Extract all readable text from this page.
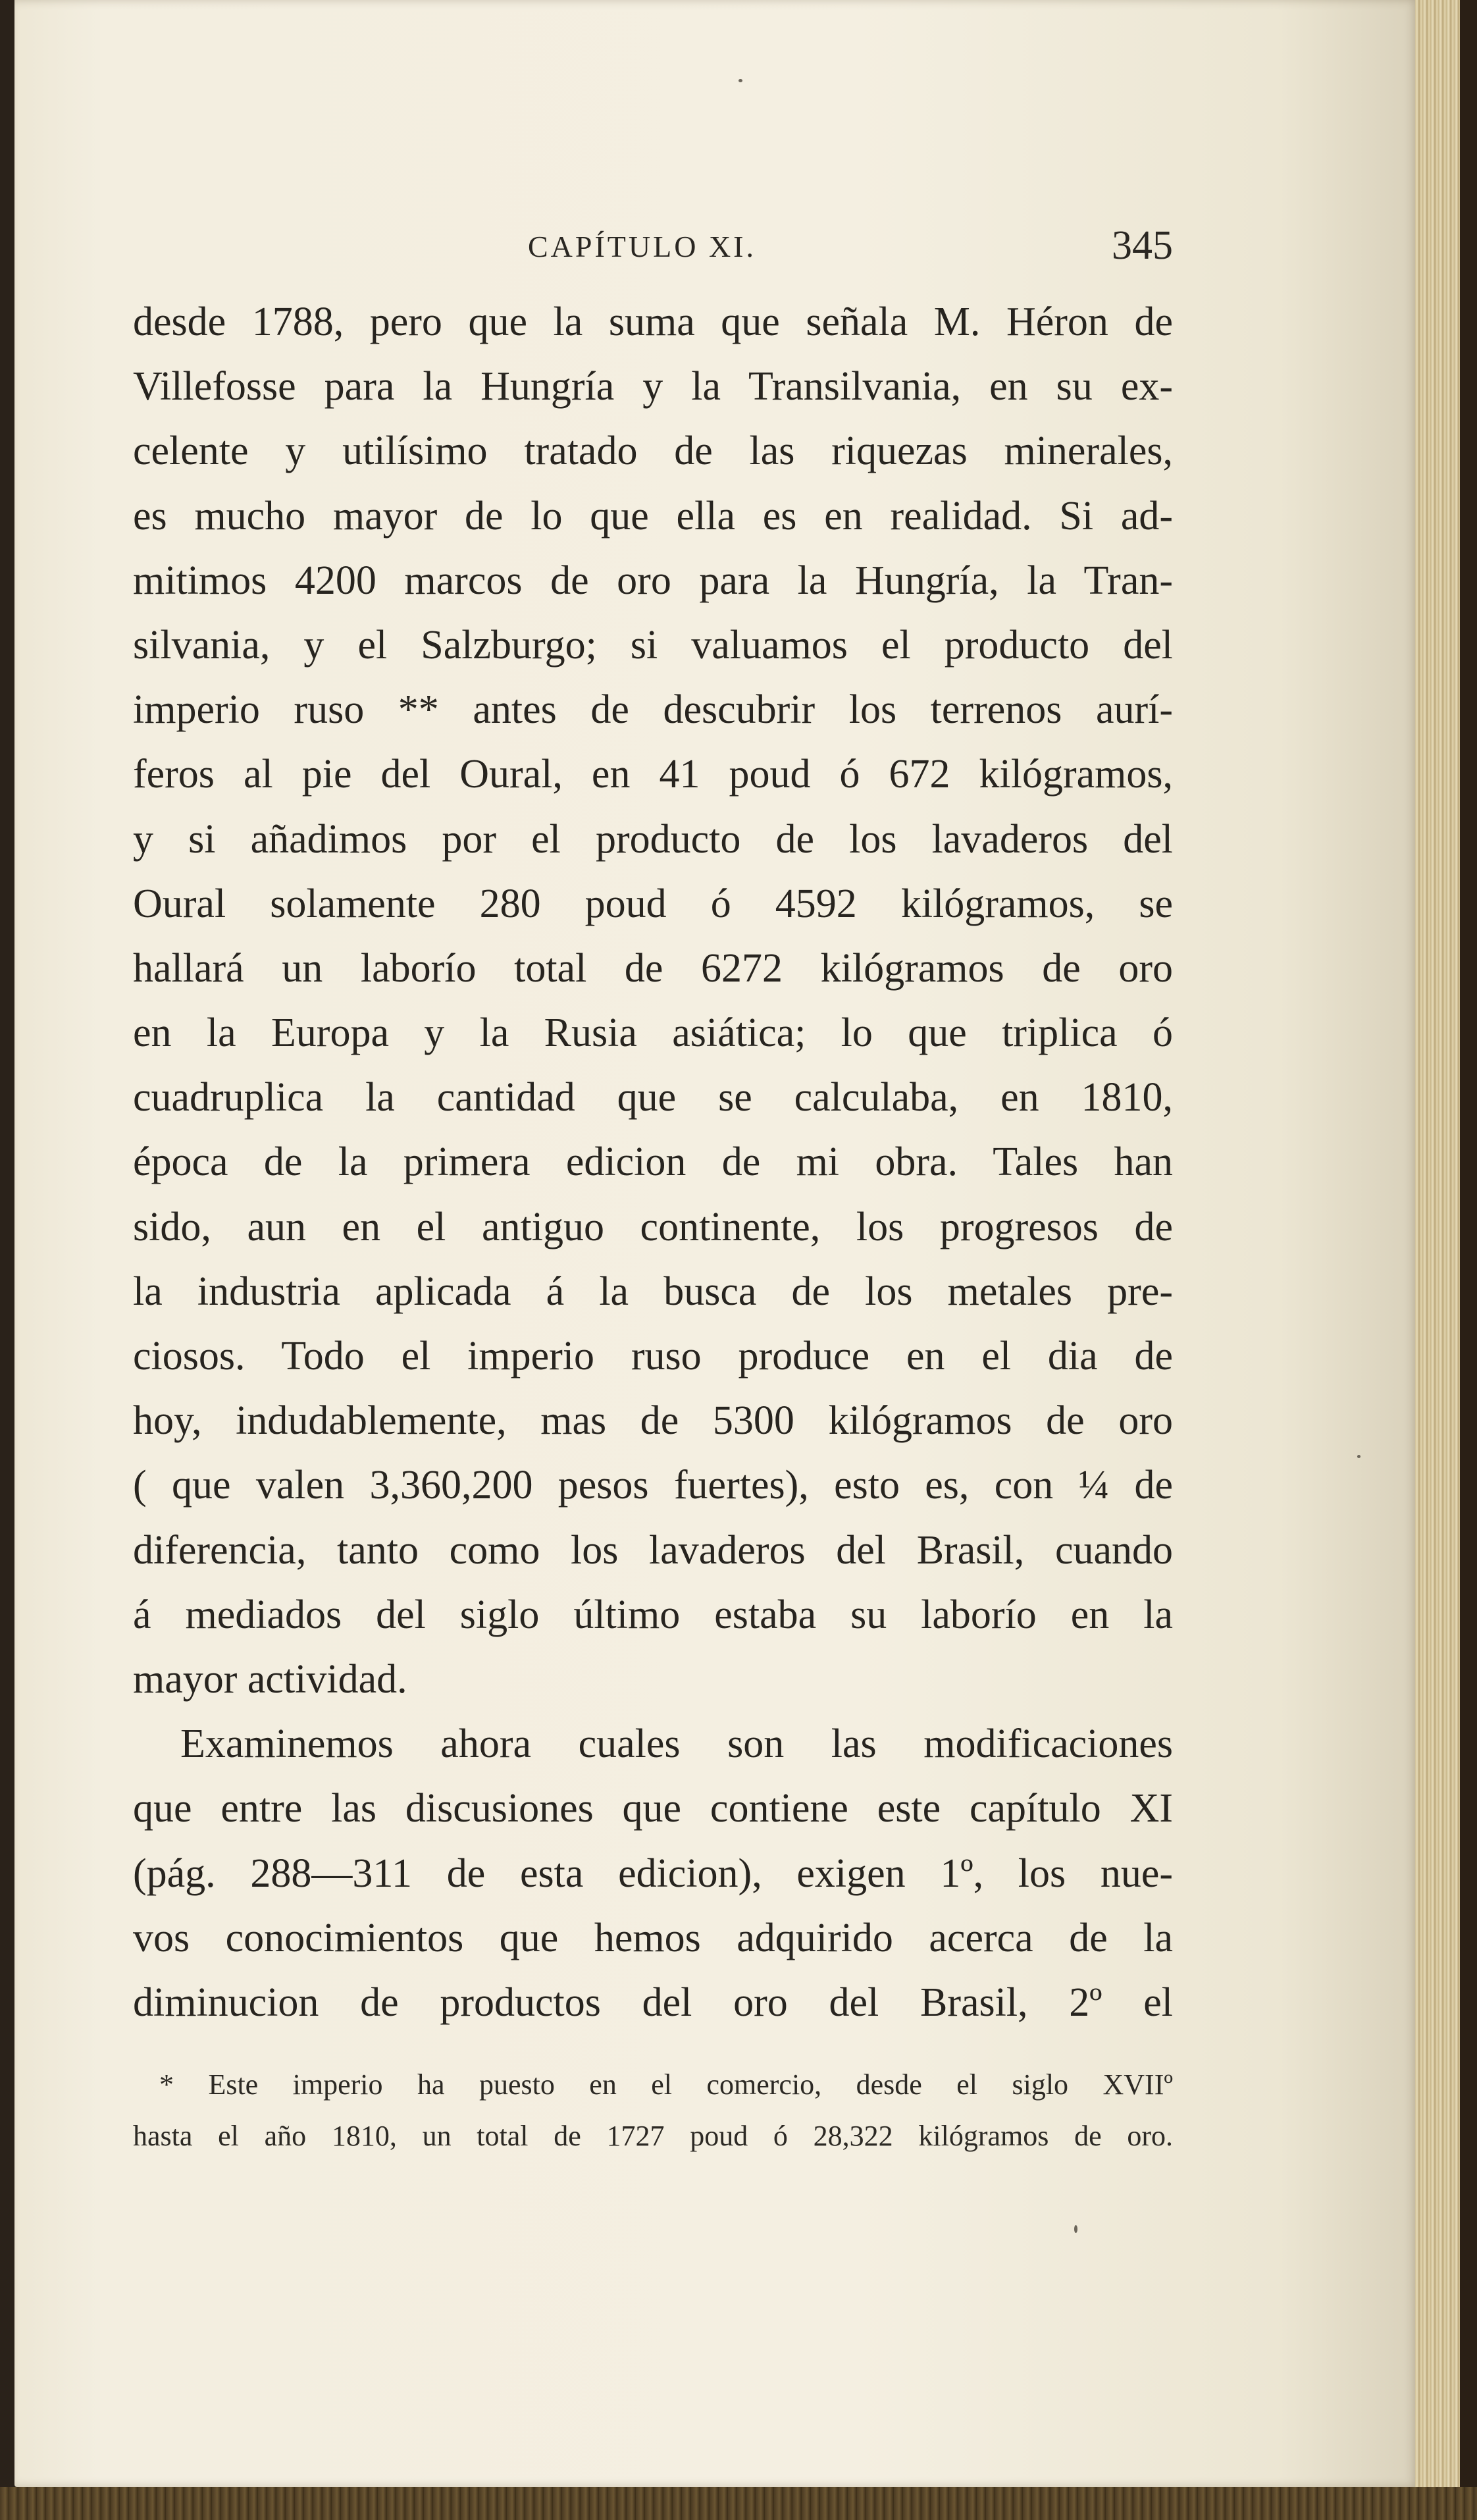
CAPÍTULO XI.	345
desde 1788, pero que la suma que señala M. Héron de
Villefosse para la Hungría y la Transilvania, en su ex-
celente y utilísimo tratado de las riquezas minerales,
es mucho mayor de lo que ella es en realidad. Si ad-
mitimos 4200 marcos de oro para la Hungría, la Tran-
silvania, y el Salzburgo; si valuamos el producto del
imperio ruso ** antes de descubrir los terrenos aurí-
feros al pie del Oural, en 41 poud ó 672 kilógramos,
y si añadimos por el producto de los lavaderos del
Oural solamente 280 poud ó 4592 kilógramos, se
hallará un laborío total de 6272 kilógramos de oro
en la Europa y la Rusia asiática; lo que triplica ó
cuadruplica la cantidad que se calculaba, en 1810,
época de la primera edicion de mi obra. Tales han
sido, aun en el antiguo continente, los progresos de
la industria aplicada á la busca de los metales pre-
ciosos. Todo el imperio ruso produce en el dia de
hoy, indudablemente, mas de 5300 kilógramos de oro
( que valen 3,360,200 pesos fuertes), esto es, con ¼ de
diferencia, tanto como los lavaderos del Brasil, cuando
á mediados del siglo último estaba su laborío en la
mayor actividad.
Examinemos ahora cuales son las modificaciones
que entre las discusiones que contiene este capítulo XI
(pág. 288—311 de esta edicion), exigen 1º, los nue-
vos conocimientos que hemos adquirido acerca de la
diminucion de productos del oro del Brasil, 2º el
* Este imperio ha puesto en el comercio, desde el siglo XVIIº
hasta el año 1810, un total de 1727 poud ó 28,322 kilógramos de oro.
